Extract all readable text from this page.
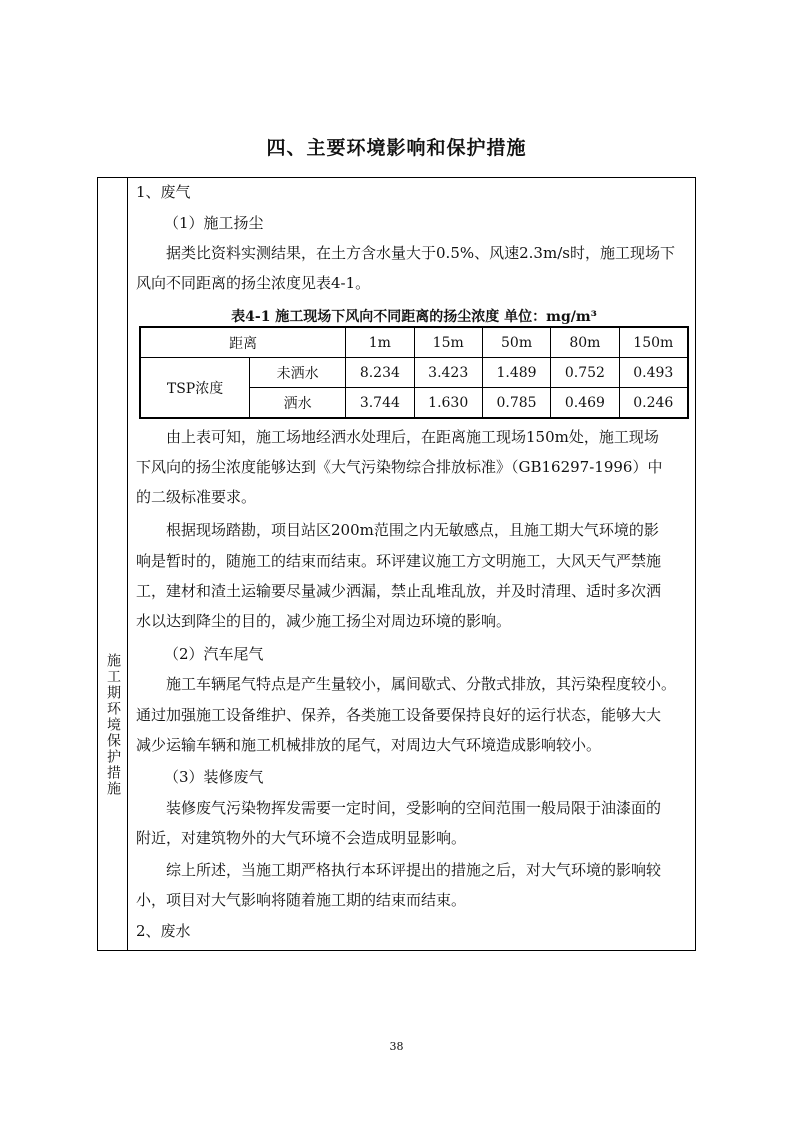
四、主要环境影响和保护措施
施工期环境保护措施
1、废气
（1）施工扬尘
据类比资料实测结果，在土方含水量大于0.5%、风速2.3m/s时，施工现场下
风向不同距离的扬尘浓度见表4-1。
表4-1 施工现场下风向不同距离的扬尘浓度 单位：mg/m³
距离		1m	15m	50m	80m	150m
TSP浓度	未洒水	8.234	3.423	1.489	0.752	0.493
	洒水	3.744	1.630	0.785	0.469	0.246
由上表可知，施工场地经洒水处理后，在距离施工现场150m处，施工现场
下风向的扬尘浓度能够达到《大气污染物综合排放标准》（GB16297-1996）中
的二级标准要求。
根据现场踏勘，项目站区200m范围之内无敏感点，且施工期大气环境的影
响是暂时的，随施工的结束而结束。环评建议施工方文明施工，大风天气严禁施
工，建材和渣土运输要尽量减少洒漏，禁止乱堆乱放，并及时清理、适时多次洒
水以达到降尘的目的，减少施工扬尘对周边环境的影响。
（2）汽车尾气
施工车辆尾气特点是产生量较小，属间歇式、分散式排放，其污染程度较小。
通过加强施工设备维护、保养，各类施工设备要保持良好的运行状态，能够大大
减少运输车辆和施工机械排放的尾气，对周边大气环境造成影响较小。
（3）装修废气
装修废气污染物挥发需要一定时间，受影响的空间范围一般局限于油漆面的
附近，对建筑物外的大气环境不会造成明显影响。
综上所述，当施工期严格执行本环评提出的措施之后，对大气环境的影响较
小，项目对大气影响将随着施工期的结束而结束。
2、废水
38
